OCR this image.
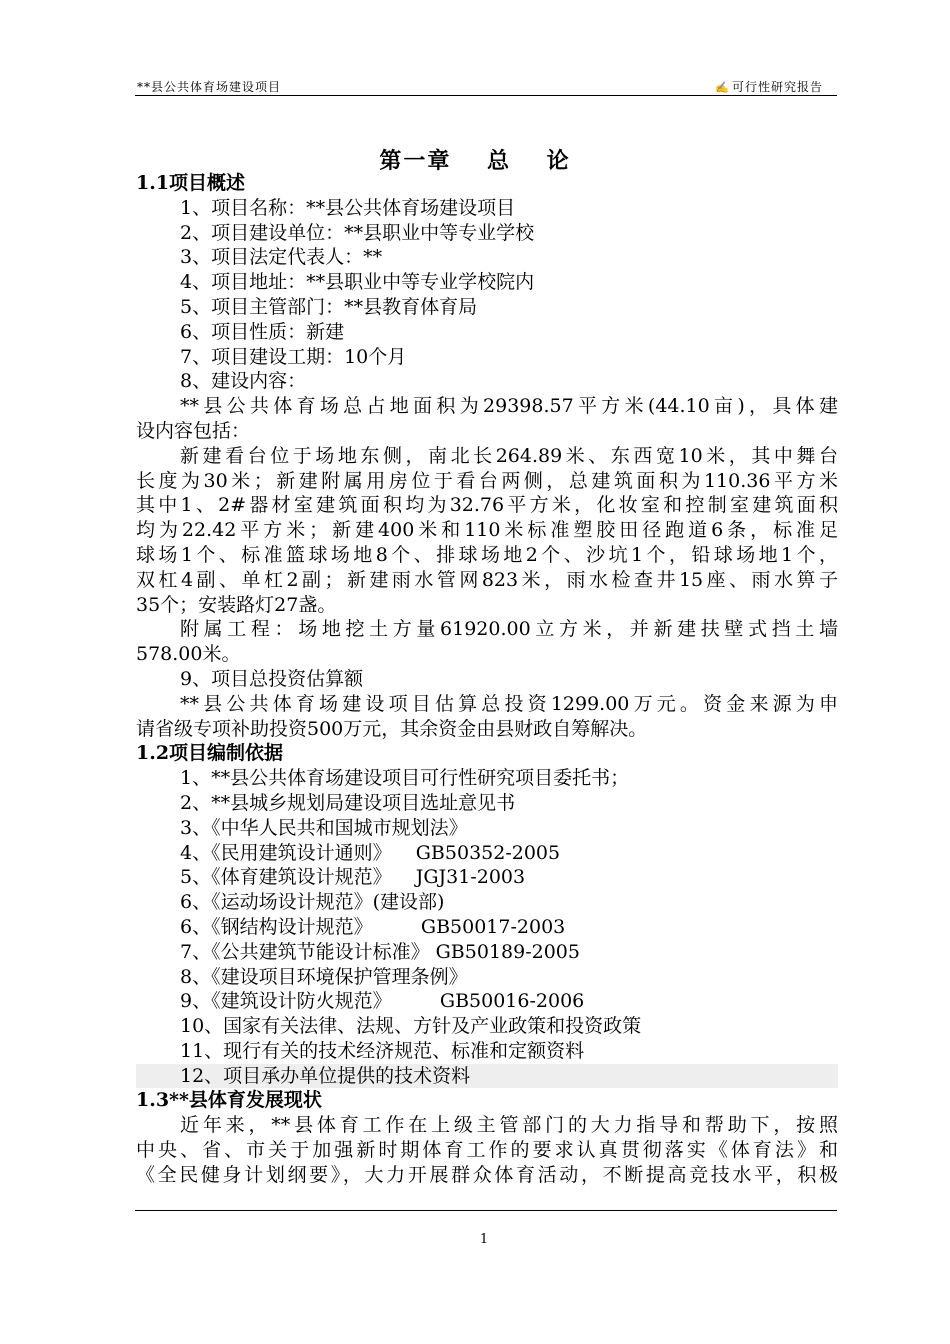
**县公共体育场建设项目	✍ 可行性研究报告
第一章 总 论
1.1项目概述
1、项目名称：**县公共体育场建设项目
2、项目建设单位：**县职业中等专业学校
3、项目法定代表人：**
4、项目地址：**县职业中等专业学校院内
5、项目主管部门：**县教育体育局
6、项目性质：新建
7、项目建设工期：10个月
8、建设内容：
**县公共体育场总占地面积为29398.57平方米(44.10亩)，具体建
设内容包括：
新建看台位于场地东侧，南北长264.89米、东西宽10米，其中舞台
长度为30米；新建附属用房位于看台两侧，总建筑面积为110.36平方米
其中1、2#器材室建筑面积均为32.76平方米，化妆室和控制室建筑面积
均为22.42平方米；新建400米和110米标准塑胶田径跑道6条，标准足
球场1个、标准篮球场地8个、排球场地2个、沙坑1个，铅球场地1个，
双杠4副、单杠2副；新建雨水管网823米，雨水检查井15座、雨水箅子
35个；安装路灯27盏。
附属工程：场地挖土方量61920.00立方米，并新建扶壁式挡土墙
578.00米。
9、项目总投资估算额
**县公共体育场建设项目估算总投资1299.00万元。资金来源为申
请省级专项补助投资500万元，其余资金由县财政自筹解决。
1.2项目编制依据
1、**县公共体育场建设项目可行性研究项目委托书；
2、**县城乡规划局建设项目选址意见书
3、《中华人民共和国城市规划法》
4、《民用建筑设计通则》    GB50352-2005
5、《体育建筑设计规范》    JGJ31-2003
6、《运动场设计规范》(建设部)
6、《钢结构设计规范》        GB50017-2003
7、《公共建筑节能设计标准》 GB50189-2005
8、《建设项目环境保护管理条例》
9、《建筑设计防火规范》        GB50016-2006
10、国家有关法律、法规、方针及产业政策和投资政策
11、现行有关的技术经济规范、标准和定额资料
12、项目承办单位提供的技术资料
1.3**县体育发展现状
近年来，**县体育工作在上级主管部门的大力指导和帮助下，按照
中央、省、市关于加强新时期体育工作的要求认真贯彻落实《体育法》和
《全民健身计划纲要》，大力开展群众体育活动，不断提高竞技水平，积极
1
